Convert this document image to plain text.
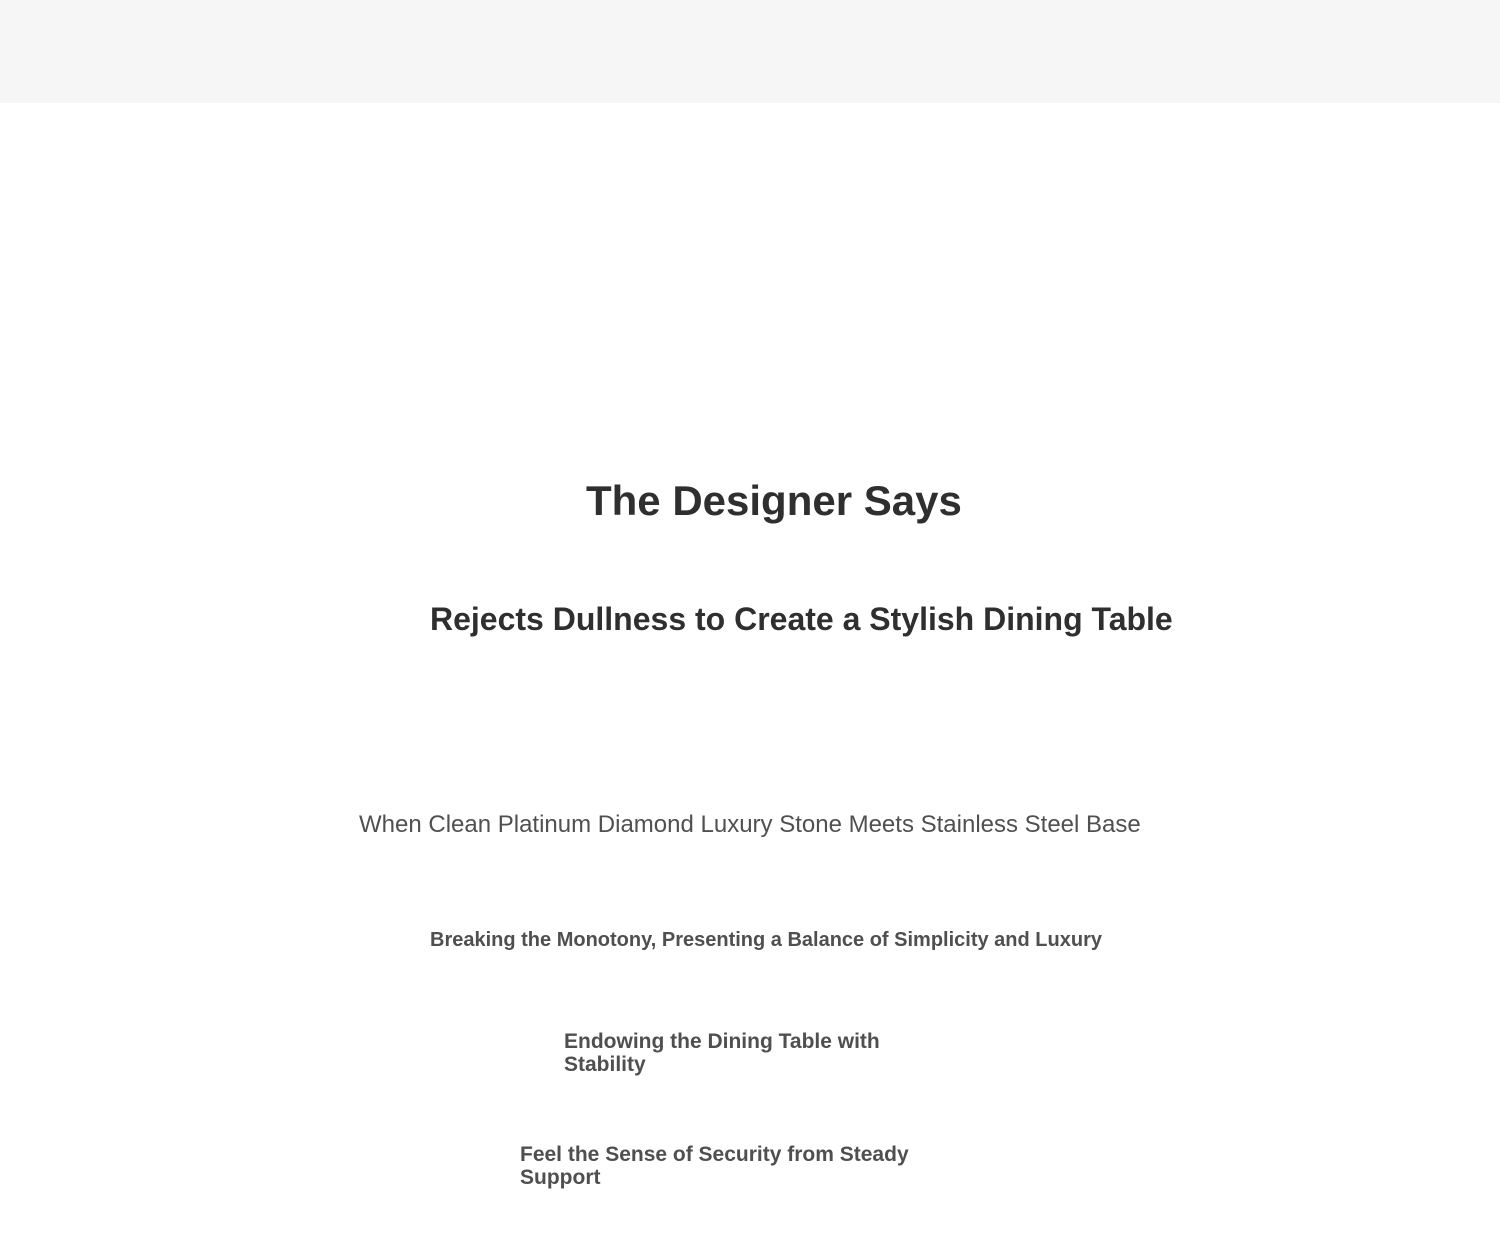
The Designer Says
Rejects Dullness to Create a Stylish Dining Table

When Clean Platinum Diamond Luxury Stone Meets Stainless Steel Base

Breaking the Monotony, Presenting a Balance of Simplicity and Luxury
Endowing the Dining Table with Stability
Feel the Sense of Security from Steady Support
